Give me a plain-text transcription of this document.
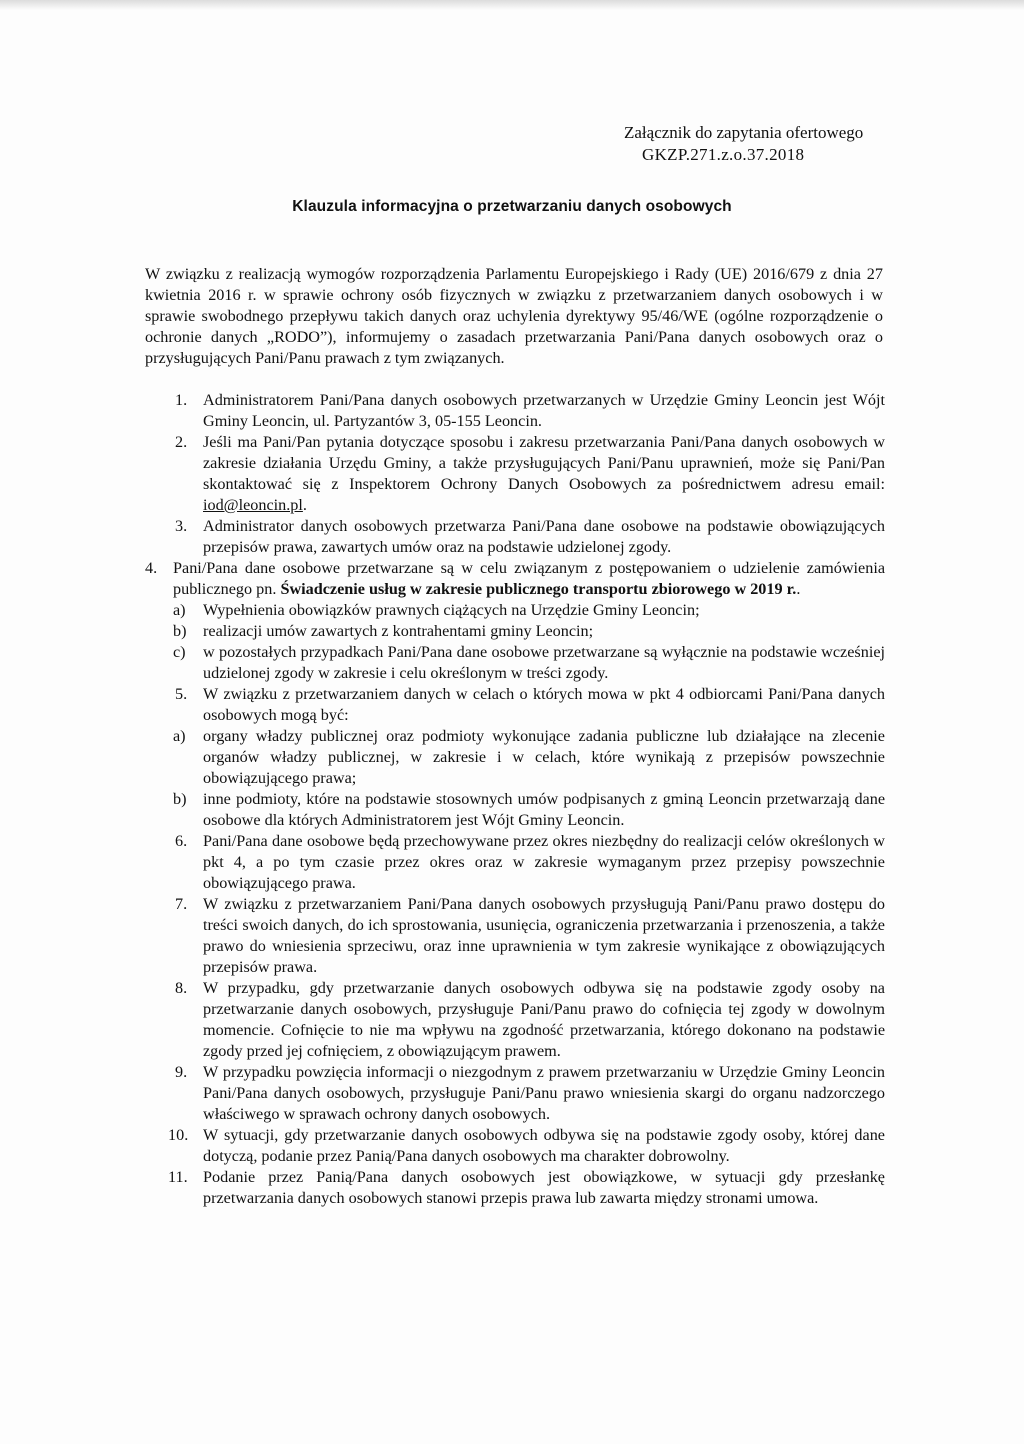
Załącznik do zapytania ofertowego
GKZP.271.z.o.37.2018
Klauzula informacyjna o przetwarzaniu danych osobowych
W związku z realizacją wymogów rozporządzenia Parlamentu Europejskiego i Rady (UE) 2016/679 z dnia 27 kwietnia 2016 r. w sprawie ochrony osób fizycznych w związku z przetwarzaniem danych osobowych i w sprawie swobodnego przepływu takich danych oraz uchylenia dyrektywy 95/46/WE (ogólne rozporządzenie o ochronie danych „RODO”), informujemy o zasadach przetwarzania Pani/Pana danych osobowych oraz o przysługujących Pani/Panu prawach z tym związanych.
1. Administratorem Pani/Pana danych osobowych przetwarzanych w Urzędzie Gminy Leoncin jest Wójt Gminy Leoncin, ul. Partyzantów 3, 05-155 Leoncin.
2. Jeśli ma Pani/Pan pytania dotyczące sposobu i zakresu przetwarzania Pani/Pana danych osobowych w zakresie działania Urzędu Gminy, a także przysługujących Pani/Panu uprawnień, może się Pani/Pan skontaktować się z Inspektorem Ochrony Danych Osobowych za pośrednictwem adresu email: iod@leoncin.pl.
3. Administrator danych osobowych przetwarza Pani/Pana dane osobowe na podstawie obowiązujących przepisów prawa, zawartych umów oraz na podstawie udzielonej zgody.
4. Pani/Pana dane osobowe przetwarzane są w celu związanym z postępowaniem o udzielenie zamówienia publicznego pn. Świadczenie usług w zakresie publicznego transportu zbiorowego w 2019 r..
a) Wypełnienia obowiązków prawnych ciążących na Urzędzie Gminy Leoncin;
b) realizacji umów zawartych z kontrahentami gminy Leoncin;
c) w pozostałych przypadkach Pani/Pana dane osobowe przetwarzane są wyłącznie na podstawie wcześniej udzielonej zgody w zakresie i celu określonym w treści zgody.
5. W związku z przetwarzaniem danych w celach o których mowa w pkt 4 odbiorcami Pani/Pana danych osobowych mogą być:
a) organy władzy publicznej oraz podmioty wykonujące zadania publiczne lub działające na zlecenie organów władzy publicznej, w zakresie i w celach, które wynikają z przepisów powszechnie obowiązującego prawa;
b) inne podmioty, które na podstawie stosownych umów podpisanych z gminą Leoncin przetwarzają dane osobowe dla których Administratorem jest Wójt Gminy Leoncin.
6. Pani/Pana dane osobowe będą przechowywane przez okres niezbędny do realizacji celów określonych w pkt 4, a po tym czasie przez okres oraz w zakresie wymaganym przez przepisy powszechnie obowiązującego prawa.
7. W związku z przetwarzaniem Pani/Pana danych osobowych przysługują Pani/Panu prawo dostępu do treści swoich danych, do ich sprostowania, usunięcia, ograniczenia przetwarzania i przenoszenia, a także prawo do wniesienia sprzeciwu, oraz inne uprawnienia w tym zakresie wynikające z obowiązujących przepisów prawa.
8. W przypadku, gdy przetwarzanie danych osobowych odbywa się na podstawie zgody osoby na przetwarzanie danych osobowych, przysługuje Pani/Panu prawo do cofnięcia tej zgody w dowolnym momencie. Cofnięcie to nie ma wpływu na zgodność przetwarzania, którego dokonano na podstawie zgody przed jej cofnięciem, z obowiązującym prawem.
9. W przypadku powzięcia informacji o niezgodnym z prawem przetwarzaniu w Urzędzie Gminy Leoncin Pani/Pana danych osobowych, przysługuje Pani/Panu prawo wniesienia skargi do organu nadzorczego właściwego w sprawach ochrony danych osobowych.
10. W sytuacji, gdy przetwarzanie danych osobowych odbywa się na podstawie zgody osoby, której dane dotyczą, podanie przez Panią/Pana danych osobowych ma charakter dobrowolny.
11. Podanie przez Panią/Pana danych osobowych jest obowiązkowe, w sytuacji gdy przesłankę przetwarzania danych osobowych stanowi przepis prawa lub zawarta między stronami umowa.
